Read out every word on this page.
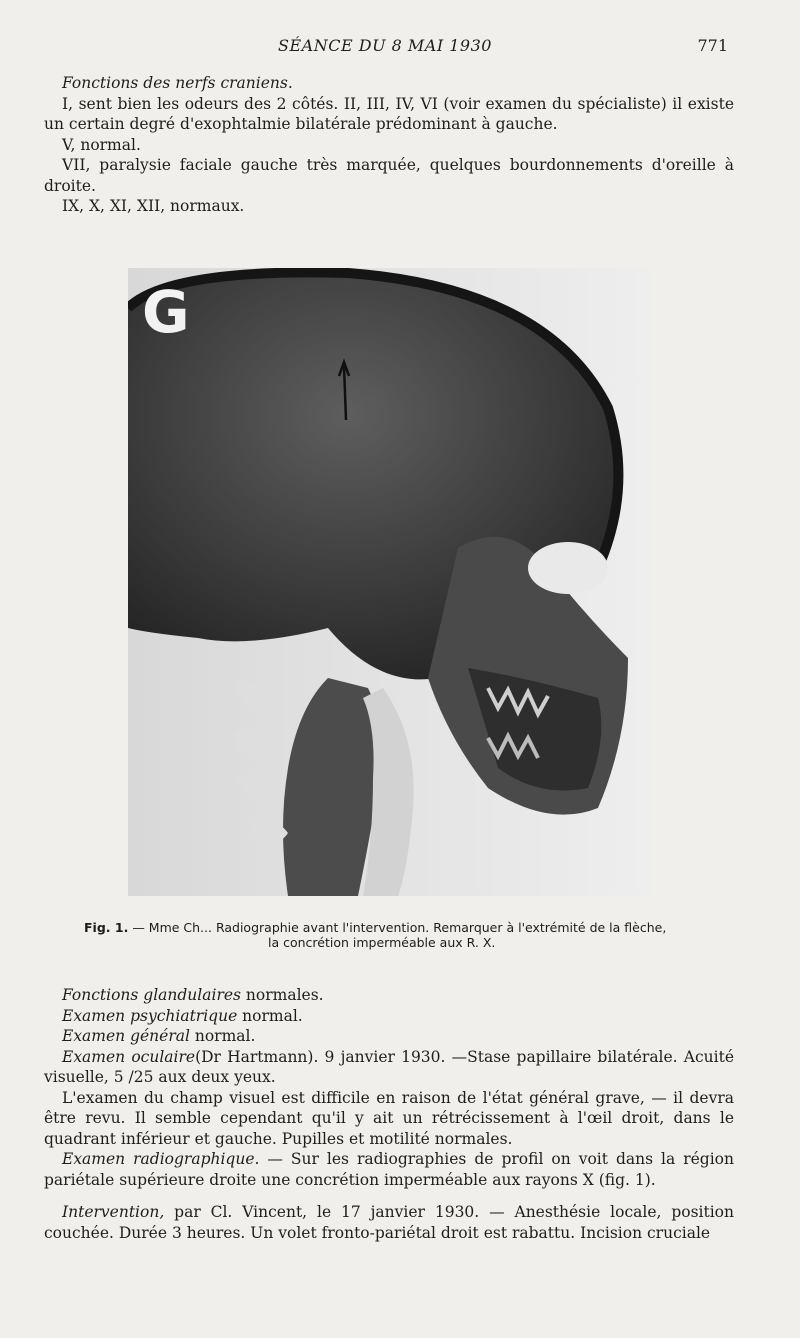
SÉANCE DU 8 MAI 1930	771

Fonctions des nerfs craniens.

I, sent bien les odeurs des 2 côtés. II, III, IV, VI (voir examen du spécialiste) il existe un certain degré d'exophtalmie bilatérale prédominant à gauche.

V, normal.

VII, paralysie faciale gauche très marquée, quelques bourdonnements d'oreille à droite.

IX, X, XI, XII, normaux.

G
Fig. 1. — Mme Ch... Radiographie avant l'intervention. Remarquer à l'extrémité de la flèche,
la concrétion imperméable aux R. X.

Fonctions glandulaires normales.

Examen psychiatrique normal.

Examen général normal.

Examen oculaire(Dr Hartmann). 9 janvier 1930. —Stase papillaire bilatérale. Acuité visuelle, 5 /25 aux deux yeux.

L'examen du champ visuel est difficile en raison de l'état général grave, — il devra être revu. Il semble cependant qu'il y ait un rétrécissement à l'œil droit, dans le quadrant inférieur et gauche. Pupilles et motilité normales.

Examen radiographique. — Sur les radiographies de profil on voit dans la région pariétale supérieure droite une concrétion imperméable aux rayons X (fig. 1).

Intervention, par Cl. Vincent, le 17 janvier 1930. — Anesthésie locale, position couchée. Durée 3 heures. Un volet fronto-pariétal droit est rabattu. Incision cruciale
